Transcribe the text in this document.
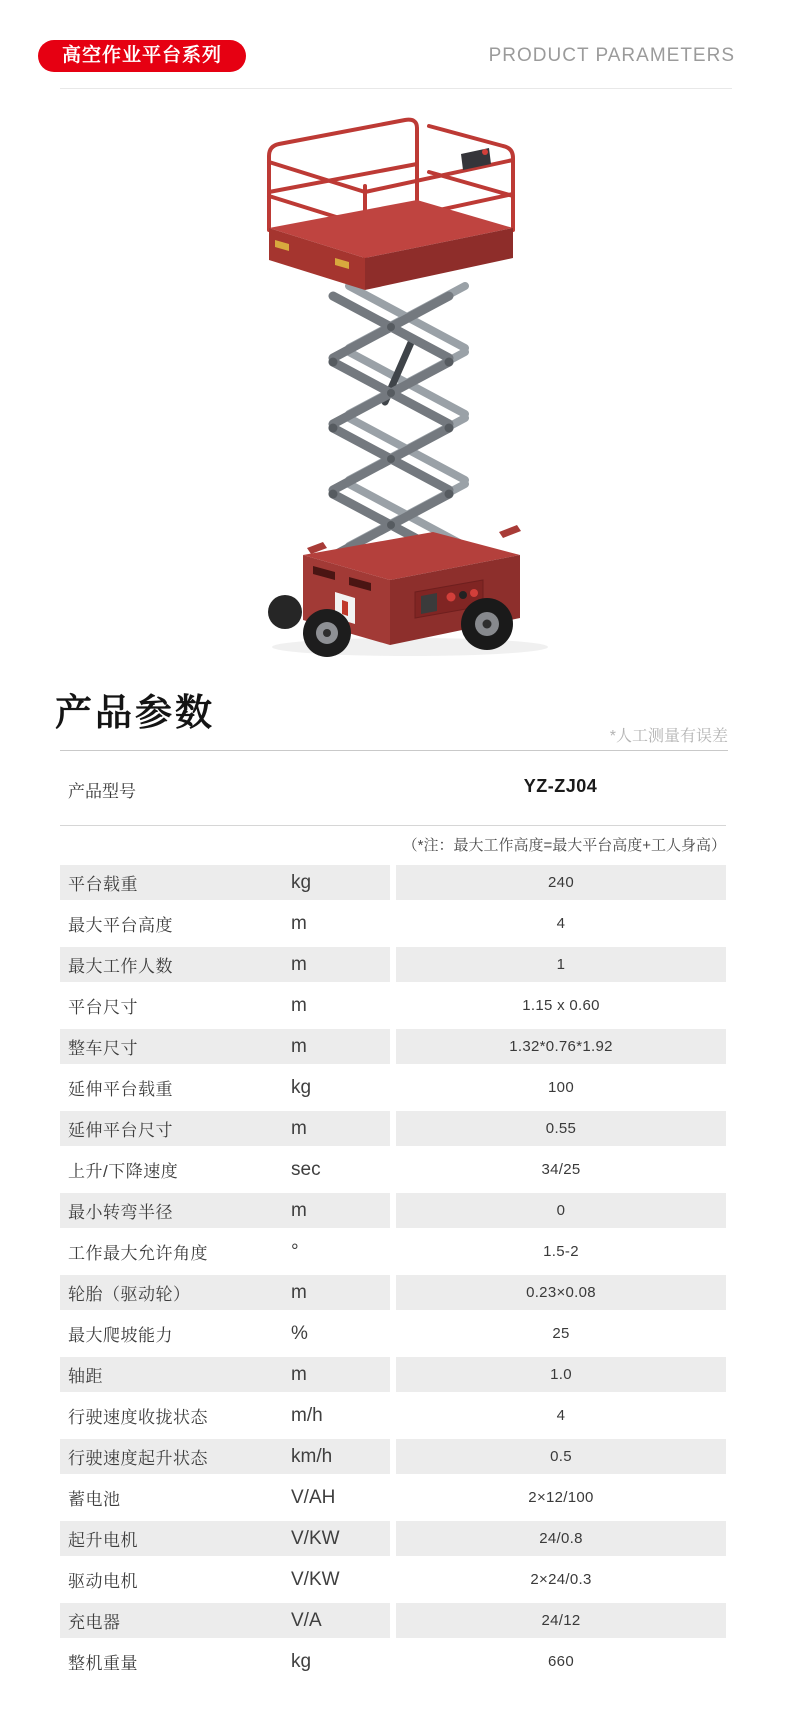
高空作业平台系列	PRODUCT PARAMETERS
产品参数
*人工测量有误差
产品型号	YZ-ZJ04
（*注：最大工作高度=最大平台高度+工人身高）
平台载重	kg	240
最大平台高度	m	4
最大工作人数	m	1
平台尺寸	m	1.15 x 0.60
整车尺寸	m	1.32*0.76*1.92
延伸平台载重	kg	100
延伸平台尺寸	m	0.55
上升/下降速度	sec	34/25
最小转弯半径	m	0
工作最大允许角度	°	1.5-2
轮胎（驱动轮）	m	0.23×0.08
最大爬坡能力	%	25
轴距	m	1.0
行驶速度收拢状态	m/h	4
行驶速度起升状态	km/h	0.5
蓄电池	V/AH	2×12/100
起升电机	V/KW	24/0.8
驱动电机	V/KW	2×24/0.3
充电器	V/A	24/12
整机重量	kg	660
